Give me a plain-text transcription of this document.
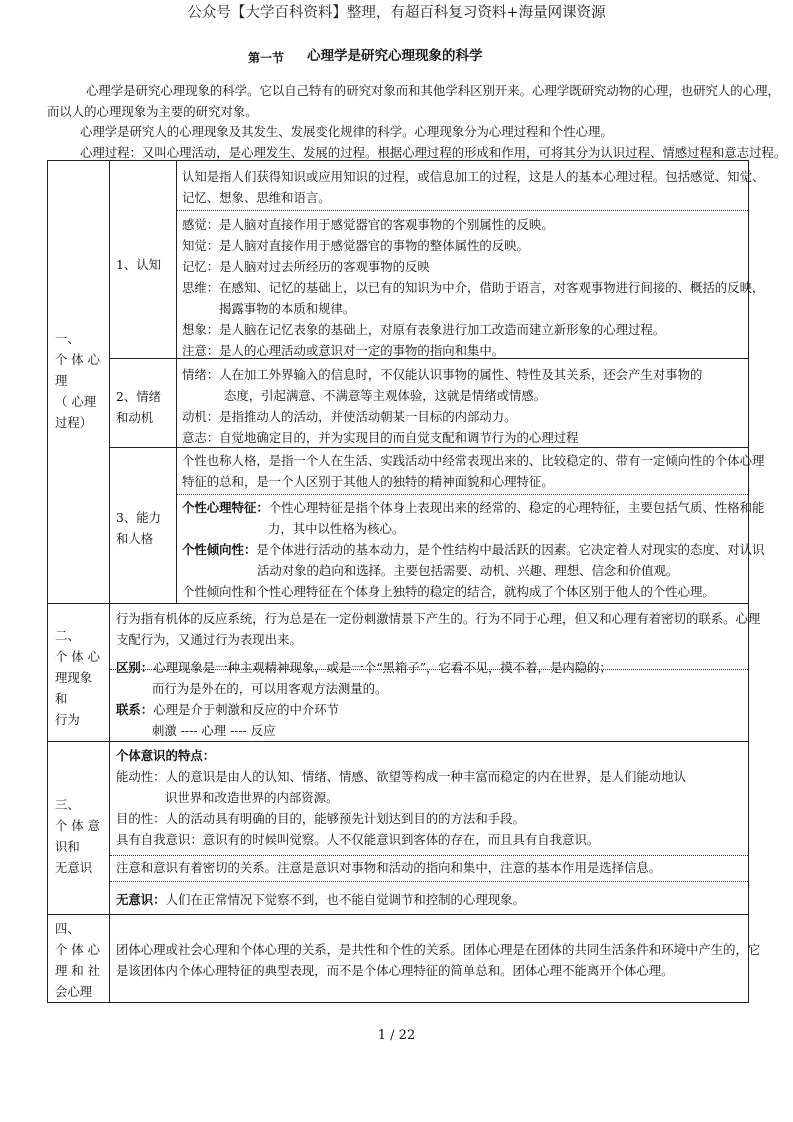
公众号【大学百科资料】整理，有超百科复习资料+海量网课资源
第一节 心理学是研究心理现象的科学
心理学是研究心理现象的科学。它以自己特有的研究对象而和其他学科区别开来。心理学既研究动物的心理，也研究人的心理，
而以人的心理现象为主要的研究对象。
心理学是研究人的心理现象及其发生、发展变化规律的科学。心理现象分为心理过程和个性心理。
心理过程：又叫心理活动，是心理发生、发展的过程。根据心理过程的形成和作用，可将其分为认识过程、情感过程和意志过程。
一、
个 体 心
理
（ 心理
过程）
1、认知
认知是指人们获得知识或应用知识的过程，或信息加工的过程，这是人的基本心理过程。包括感觉、知觉、
记忆、想象、思维和语言。
感觉：是人脑对直接作用于感觉器官的客观事物的个别属性的反映。
知觉：是人脑对直接作用于感觉器官的事物的整体属性的反映。
记忆：是人脑对过去所经历的客观事物的反映
思维：在感知、记忆的基础上，以已有的知识为中介，借助于语言，对客观事物进行间接的、概括的反映，
揭露事物的本质和规律。
想象：是人脑在记忆表象的基础上，对原有表象进行加工改造而建立新形象的心理过程。
注意：是人的心理活动或意识对一定的事物的指向和集中。
2、情绪
和动机
情绪：人在加工外界输入的信息时，不仅能认识事物的属性、特性及其关系，还会产生对事物的
态度，引起满意、不满意等主观体验，这就是情绪或情感。
动机：是指推动人的活动，并使活动朝某一目标的内部动力。
意志：自觉地确定目的，并为实现目的而自觉支配和调节行为的心理过程
3、能力
和人格
个性也称人格，是指一个人在生活、实践活动中经常表现出来的、比较稳定的、带有一定倾向性的个体心理
特征的总和，是一个人区别于其他人的独特的精神面貌和心理特征。
个性心理特征：个性心理特征是指个体身上表现出来的经常的、稳定的心理特征，主要包括气质、性格和能
力，其中以性格为核心。
个性倾向性：是个体进行活动的基本动力，是个性结构中最活跃的因素。它决定着人对现实的态度、对认识
活动对象的趋向和选择。主要包括需要、动机、兴趣、理想、信念和价值观。
个性倾向性和个性心理特征在个体身上独特的稳定的结合，就构成了个体区别于他人的个性心理。
二、
个 体 心
理现象
和
行为
行为指有机体的反应系统，行为总是在一定份刺激情景下产生的。行为不同于心理，但又和心理有着密切的联系。心理
支配行为，又通过行为表现出来。
区别：心理现象是一种主观精神现象，或是一个“黑箱子”，它看不见，摸不着，是内隐的；
而行为是外在的，可以用客观方法测量的。
联系：心理是介于刺激和反应的中介环节
刺激 ---- 心理 ---- 反应
三、
个 体 意
识和
无意识
个体意识的特点：
能动性：人的意识是由人的认知、情绪、情感、欲望等构成一种丰富而稳定的内在世界，是人们能动地认
识世界和改造世界的内部资源。
目的性：人的活动具有明确的目的，能够预先计划达到目的的方法和手段。
具有自我意识：意识有的时候叫觉察。人不仅能意识到客体的存在，而且具有自我意识。
注意和意识有着密切的关系。注意是意识对事物和活动的指向和集中，注意的基本作用是选择信息。
无意识：人们在正常情况下觉察不到，也不能自觉调节和控制的心理现象。
四、
个 体 心
理 和 社
会心理
团体心理或社会心理和个体心理的关系，是共性和个性的关系。团体心理是在团体的共同生活条件和环境中产生的，它
是该团体内个体心理特征的典型表现，而不是个体心理特征的简单总和。团体心理不能离开个体心理。
1 / 22
